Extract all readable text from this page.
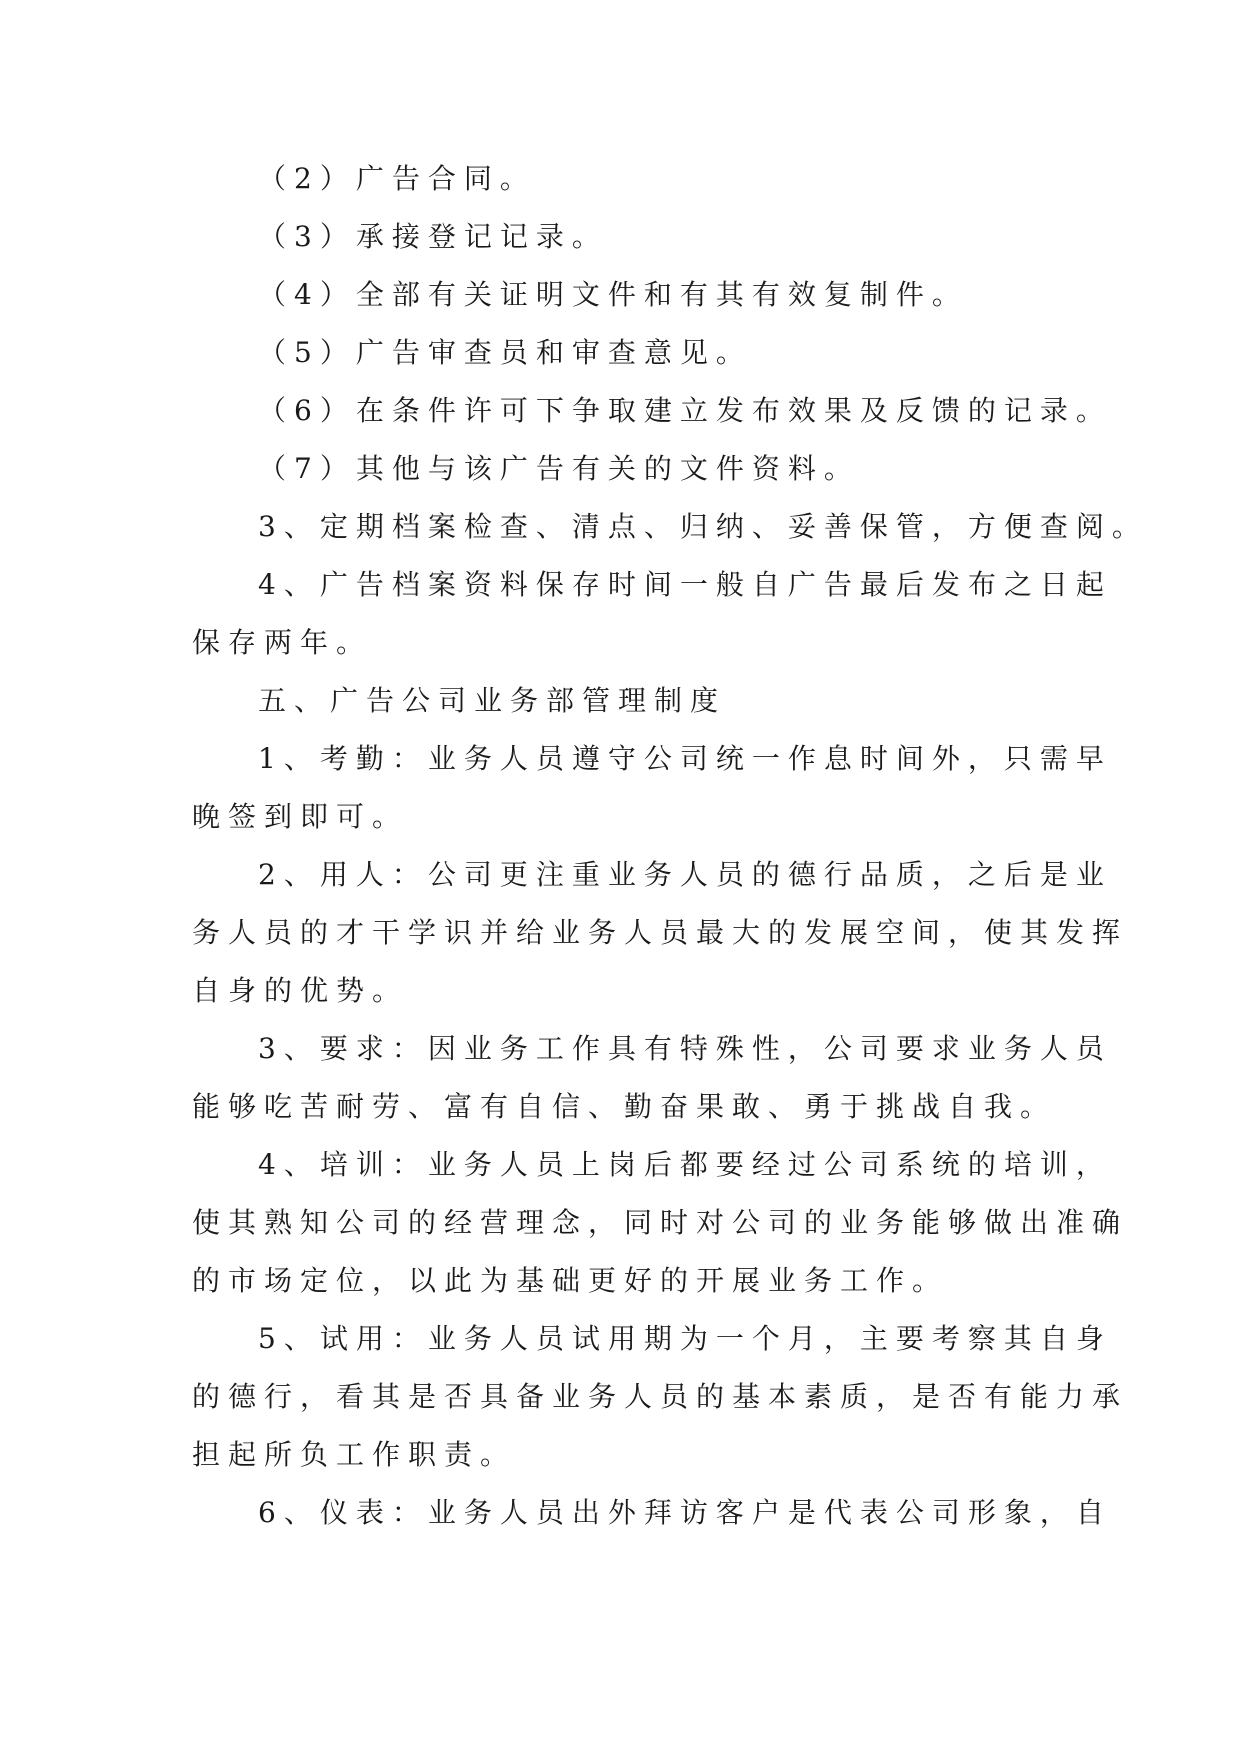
（2）广告合同。

（3）承接登记记录。

（4）全部有关证明文件和有其有效复制件。

（5）广告审查员和审查意见。

（6）在条件许可下争取建立发布效果及反馈的记录。

（7）其他与该广告有关的文件资料。

3、定期档案检查、清点、归纳、妥善保管，方便查阅。

4、广告档案资料保存时间一般自广告最后发布之日起

保存两年。

五、广告公司业务部管理制度

1、考勤：业务人员遵守公司统一作息时间外，只需早

晚签到即可。

2、用人：公司更注重业务人员的德行品质，之后是业

务人员的才干学识并给业务人员最大的发展空间，使其发挥

自身的优势。

3、要求：因业务工作具有特殊性，公司要求业务人员

能够吃苦耐劳、富有自信、勤奋果敢、勇于挑战自我。

4、培训：业务人员上岗后都要经过公司系统的培训，

使其熟知公司的经营理念，同时对公司的业务能够做出准确

的市场定位，以此为基础更好的开展业务工作。

5、试用：业务人员试用期为一个月，主要考察其自身

的德行，看其是否具备业务人员的基本素质，是否有能力承

担起所负工作职责。

6、仪表：业务人员出外拜访客户是代表公司形象，自
